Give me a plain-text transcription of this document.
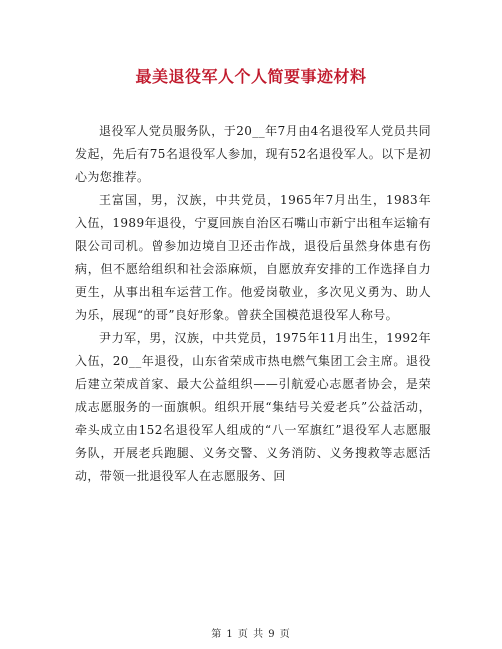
最美退役军人个人简要事迹材料

退役军人党员服务队，于20__年7月由4名退役军人党员共同发起，先后有75名退役军人参加，现有52名退役军人。以下是初心为您推荐。

王富国，男，汉族，中共党员，1965年7月出生，1983年入伍，1989年退役，宁夏回族自治区石嘴山市新宁出租车运输有限公司司机。曾参加边境自卫还击作战，退役后虽然身体患有伤病，但不愿给组织和社会添麻烦，自愿放弃安排的工作选择自力更生，从事出租车运营工作。他爱岗敬业，多次见义勇为、助人为乐，展现“的哥”良好形象。曾获全国模范退役军人称号。

尹力军，男，汉族，中共党员，1975年11月出生，1992年入伍，20__年退役，山东省荣成市热电燃气集团工会主席。退役后建立荣成首家、最大公益组织——引航爱心志愿者协会，是荣成志愿服务的一面旗帜。组织开展“集结号关爱老兵”公益活动，牵头成立由152名退役军人组成的“八一军旗红”退役军人志愿服务队，开展老兵跑腿、义务交警、义务消防、义务搜救等志愿活动，带领一批退役军人在志愿服务、回

第 1 页 共 9 页
